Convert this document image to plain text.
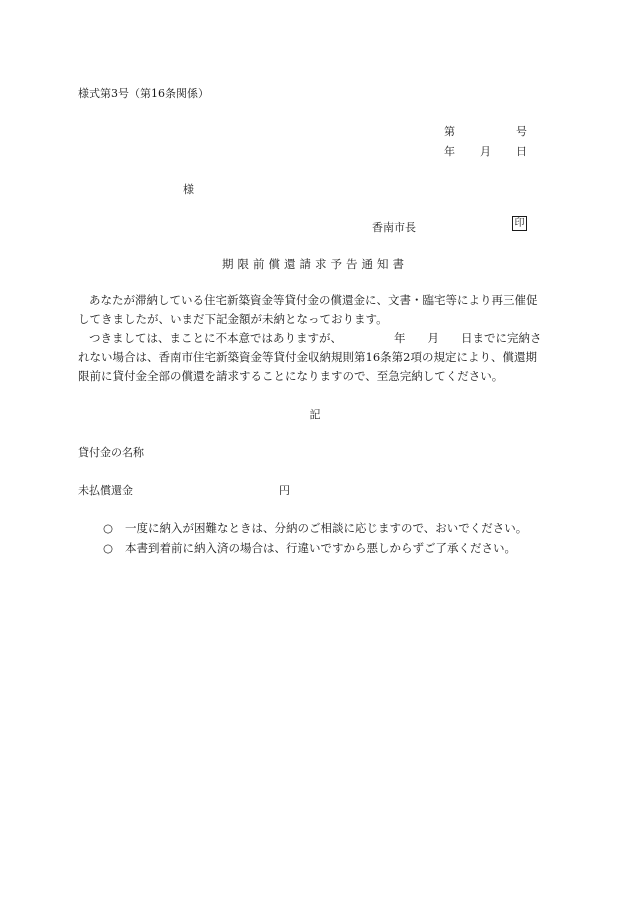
様式第3号（第16条関係）
第	号
年 月 日
様
香南市長	印
期限前償還請求予告通知書
あなたが滞納している住宅新築資金等貸付金の償還金に、文書・臨宅等により再三催促
してきましたが、いまだ下記金額が未納となっております。
つきましては、まことに不本意ではありますが、	年 月 日までに完納さ
れない場合は、香南市住宅新築資金等貸付金収納規則第16条第2項の規定により、償還期
限前に貸付金全部の償還を請求することになりますので、至急完納してください。
記
貸付金の名称
未払償還金	円
○ 一度に納入が困難なときは、分納のご相談に応じますので、おいでください。
○ 本書到着前に納入済の場合は、行違いですから悪しからずご了承ください。
